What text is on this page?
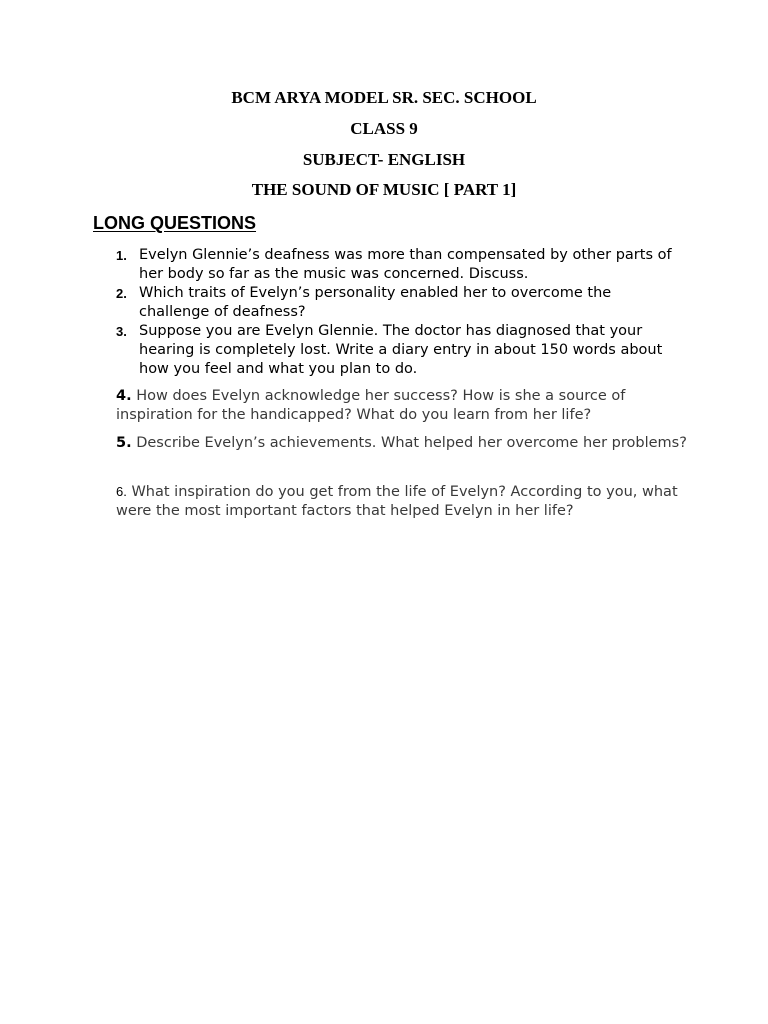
BCM ARYA MODEL SR. SEC. SCHOOL
CLASS 9
SUBJECT- ENGLISH
THE SOUND OF MUSIC [ PART 1]
LONG QUESTIONS
1. Evelyn Glennie’s deafness was more than compensated by other parts of her body so far as the music was concerned. Discuss.
2. Which traits of Evelyn’s personality enabled her to overcome the challenge of deafness?
3. Suppose you are Evelyn Glennie. The doctor has diagnosed that your hearing is completely lost. Write a diary entry in about 150 words about how you feel and what you plan to do.
4. How does Evelyn acknowledge her success? How is she a source of inspiration for the handicapped? What do you learn from her life?
5. Describe Evelyn’s achievements. What helped her overcome her problems?
6. What inspiration do you get from the life of Evelyn? According to you, what were the most important factors that helped Evelyn in her life?
